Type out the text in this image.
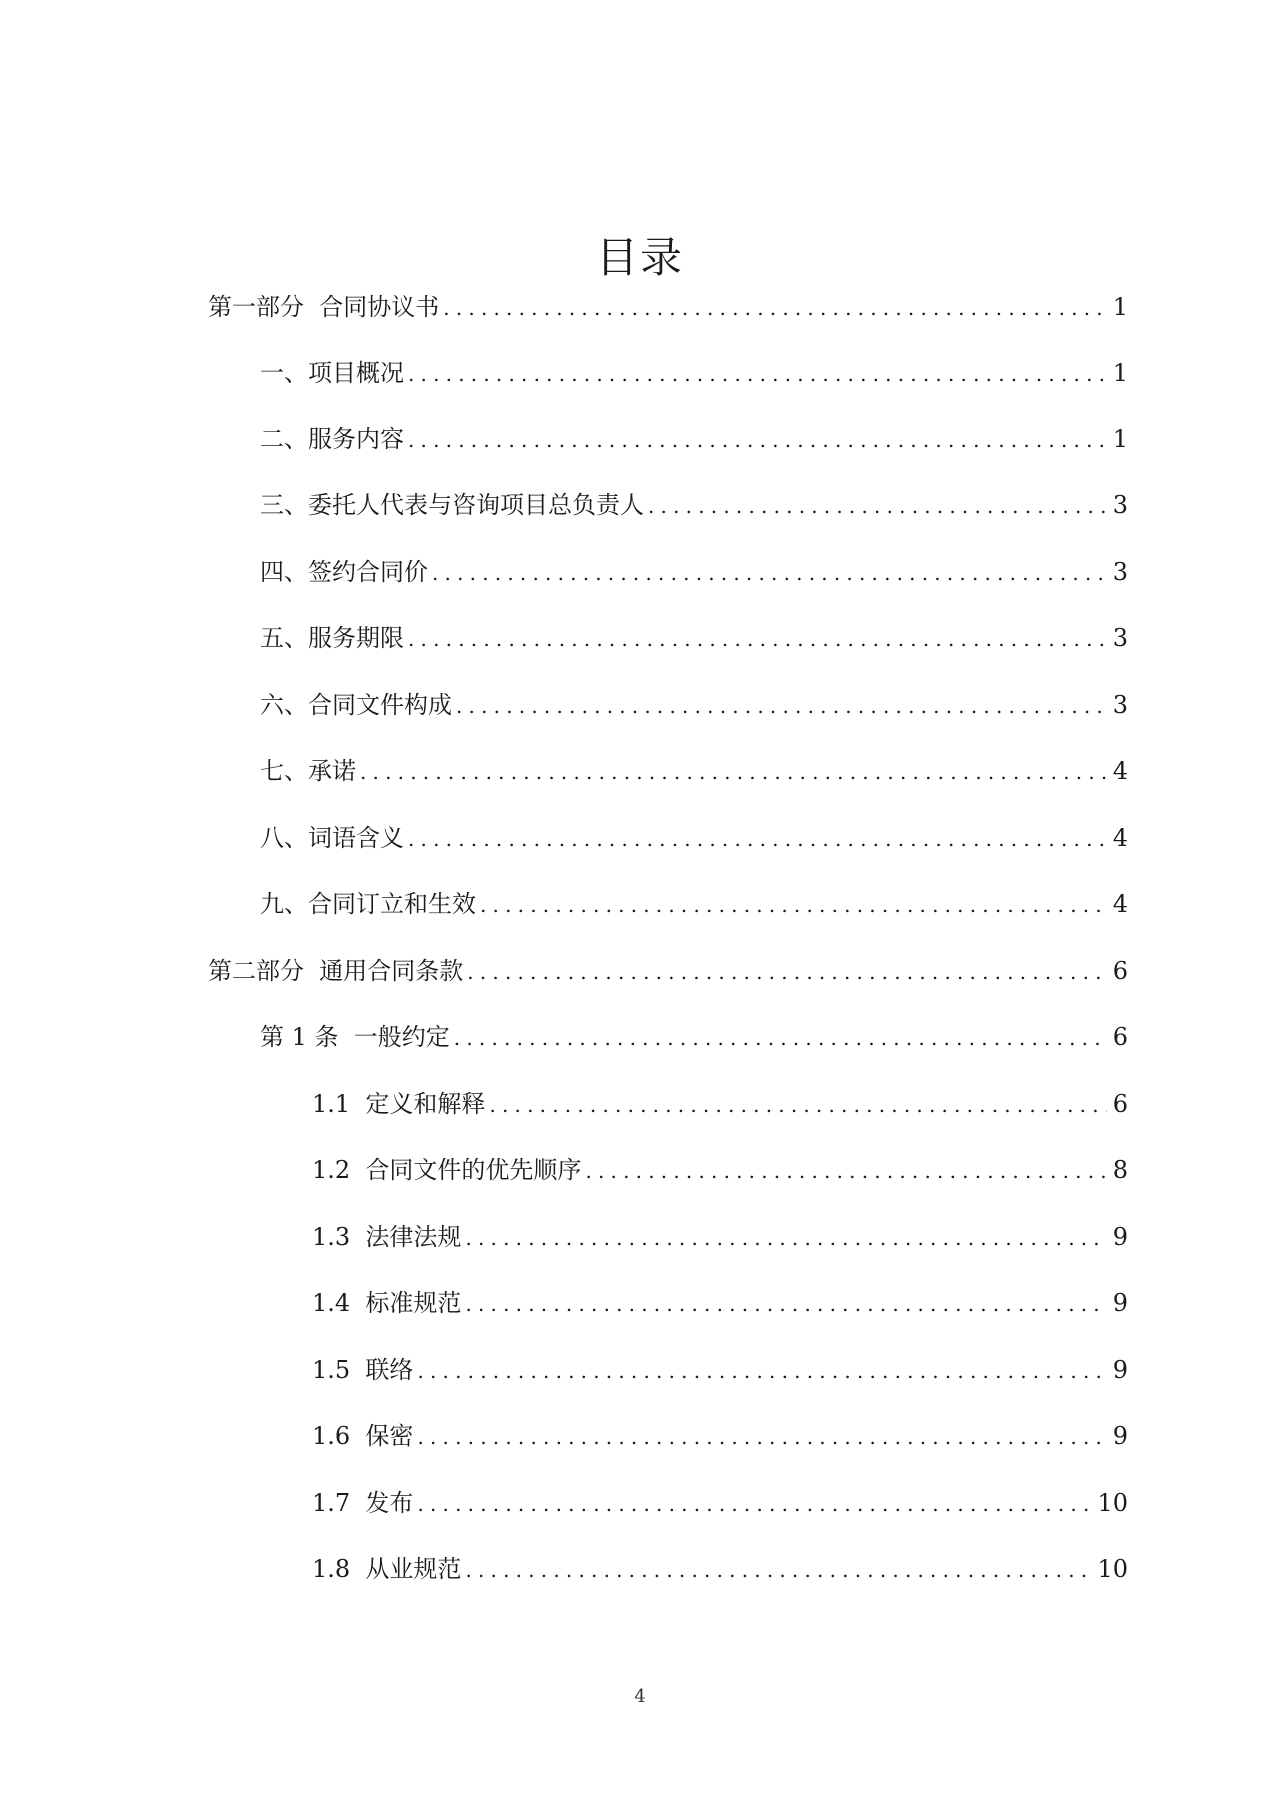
目录
第一部分  合同协议书 .....	1
一、项目概况 .....	1
二、服务内容 .....	1
三、委托人代表与咨询项目总负责人 .....	3
四、签约合同价 .....	3
五、服务期限 .....	3
六、合同文件构成 .....	3
七、承诺 .....	4
八、词语含义 .....	4
九、合同订立和生效 .....	4
第二部分  通用合同条款 .....	6
第 1 条  一般约定 .....	6
1.1  定义和解释 .....	6
1.2  合同文件的优先顺序 .....	8
1.3  法律法规 .....	9
1.4  标准规范 .....	9
1.5  联络 .....	9
1.6  保密 .....	9
1.7  发布 .....	10
1.8  从业规范 .....	10
4
